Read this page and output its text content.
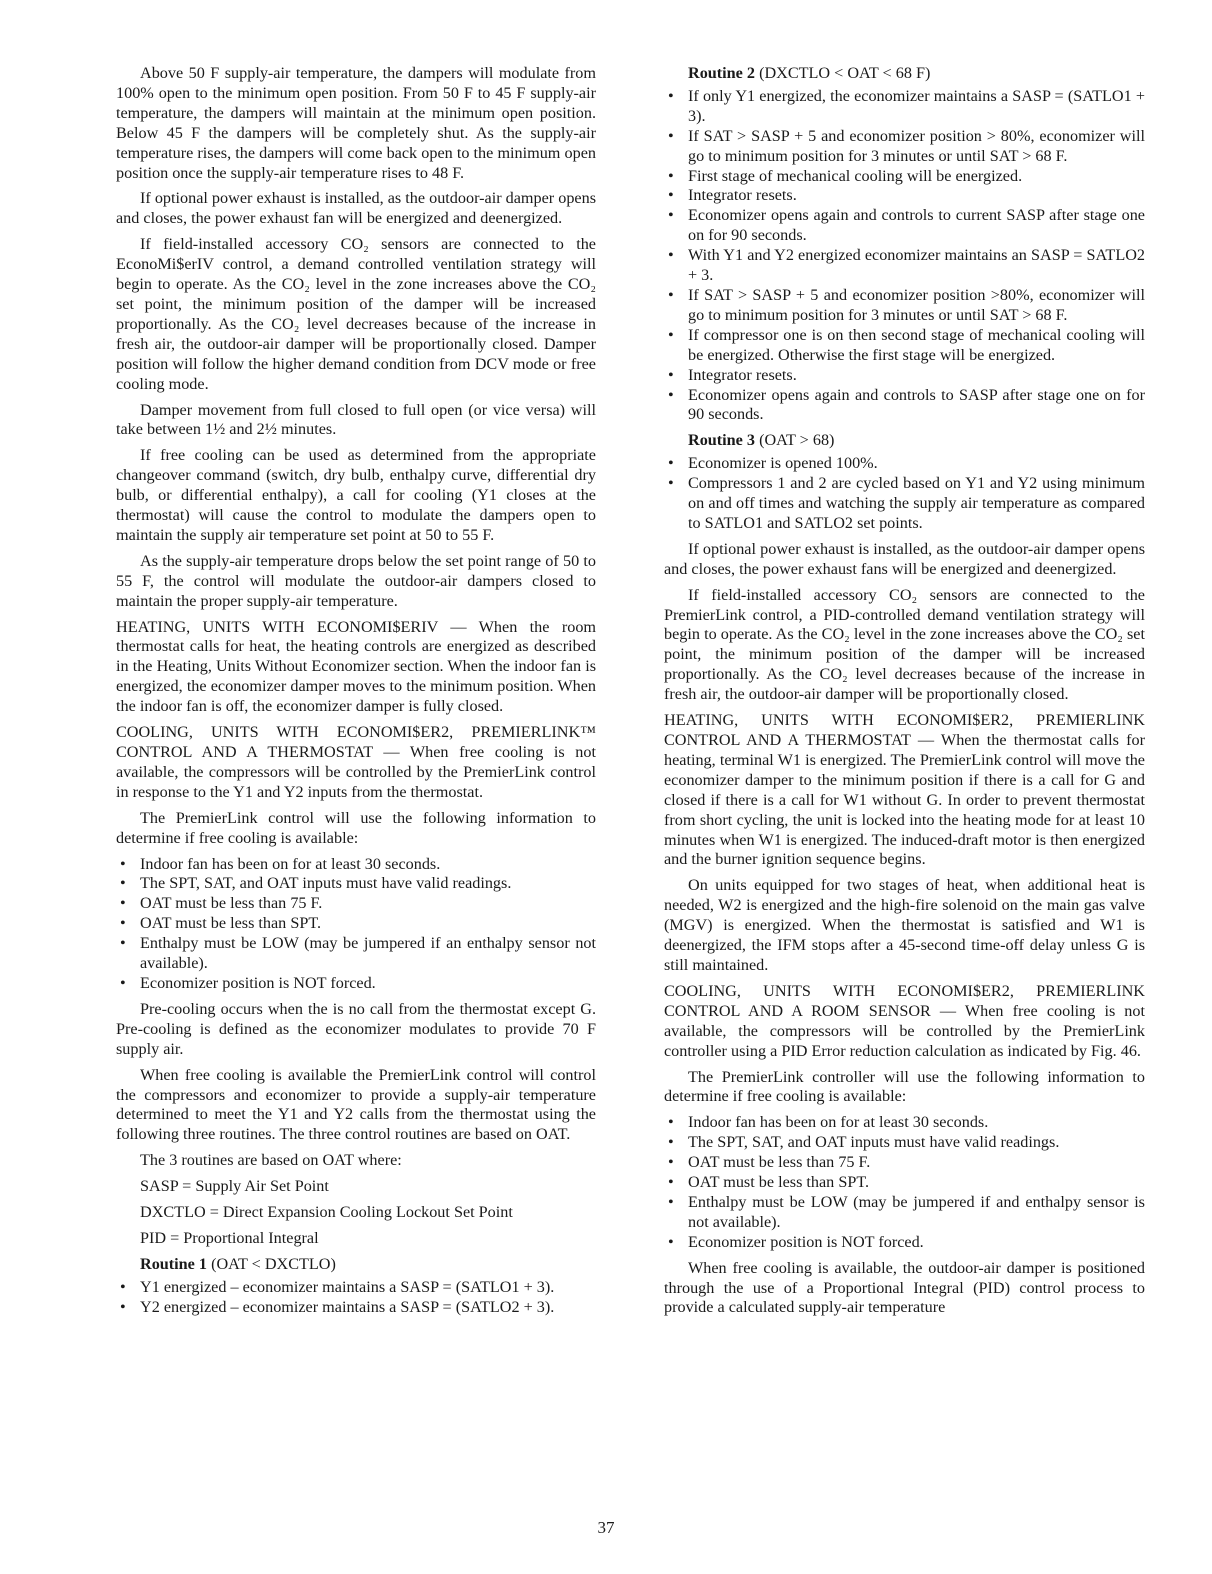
Above 50 F supply-air temperature, the dampers will modulate from 100% open to the minimum open position. From 50 F to 45 F supply-air temperature, the dampers will maintain at the minimum open position. Below 45 F the dampers will be completely shut. As the supply-air temperature rises, the dampers will come back open to the minimum open position once the supply-air temperature rises to 48 F.

If optional power exhaust is installed, as the outdoor-air damper opens and closes, the power exhaust fan will be energized and deenergized.

If field-installed accessory CO₂ sensors are connected to the EconoMi$erIV control, a demand controlled ventilation strategy will begin to operate. As the CO₂ level in the zone increases above the CO₂ set point, the minimum position of the damper will be increased proportionally. As the CO₂ level decreases because of the increase in fresh air, the outdoor-air damper will be proportionally closed. Damper position will follow the higher demand condition from DCV mode or free cooling mode.

Damper movement from full closed to full open (or vice versa) will take between 1½ and 2½ minutes.

If free cooling can be used as determined from the appropriate changeover command (switch, dry bulb, enthalpy curve, differential dry bulb, or differential enthalpy), a call for cooling (Y1 closes at the thermostat) will cause the control to modulate the dampers open to maintain the supply air temperature set point at 50 to 55 F.

As the supply-air temperature drops below the set point range of 50 to 55 F, the control will modulate the outdoor-air dampers closed to maintain the proper supply-air temperature.

HEATING, UNITS WITH ECONOMI$ERIV — When the room thermostat calls for heat, the heating controls are energized as described in the Heating, Units Without Economizer section. When the indoor fan is energized, the economizer damper moves to the minimum position. When the indoor fan is off, the economizer damper is fully closed.

COOLING, UNITS WITH ECONOMI$ER2, PREMIERLINK™ CONTROL AND A THERMOSTAT — When free cooling is not available, the compressors will be controlled by the PremierLink control in response to the Y1 and Y2 inputs from the thermostat.

The PremierLink control will use the following information to determine if free cooling is available:

• Indoor fan has been on for at least 30 seconds.
• The SPT, SAT, and OAT inputs must have valid readings.
• OAT must be less than 75 F.
• OAT must be less than SPT.
• Enthalpy must be LOW (may be jumpered if an enthalpy sensor not available).
• Economizer position is NOT forced.

Pre-cooling occurs when the is no call from the thermostat except G. Pre-cooling is defined as the economizer modulates to provide 70 F supply air.

When free cooling is available the PremierLink control will control the compressors and economizer to provide a supply-air temperature determined to meet the Y1 and Y2 calls from the thermostat using the following three routines. The three control routines are based on OAT.

The 3 routines are based on OAT where:

SASP = Supply Air Set Point

DXCTLO = Direct Expansion Cooling Lockout Set Point

PID = Proportional Integral

Routine 1 (OAT < DXCTLO)

• Y1 energized – economizer maintains a SASP = (SATLO1 + 3).
• Y2 energized – economizer maintains a SASP = (SATLO2 + 3).

Routine 2 (DXCTLO < OAT < 68 F)

• If only Y1 energized, the economizer maintains a SASP = (SATLO1 + 3).
• If SAT > SASP + 5 and economizer position > 80%, economizer will go to minimum position for 3 minutes or until SAT > 68 F.
• First stage of mechanical cooling will be energized.
• Integrator resets.
• Economizer opens again and controls to current SASP after stage one on for 90 seconds.
• With Y1 and Y2 energized economizer maintains an SASP = SATLO2 + 3.
• If SAT > SASP + 5 and economizer position >80%, economizer will go to minimum position for 3 minutes or until SAT > 68 F.
• If compressor one is on then second stage of mechanical cooling will be energized. Otherwise the first stage will be energized.
• Integrator resets.
• Economizer opens again and controls to SASP after stage one on for 90 seconds.

Routine 3 (OAT > 68)

• Economizer is opened 100%.
• Compressors 1 and 2 are cycled based on Y1 and Y2 using minimum on and off times and watching the supply air temperature as compared to SATLO1 and SATLO2 set points.

If optional power exhaust is installed, as the outdoor-air damper opens and closes, the power exhaust fans will be energized and deenergized.

If field-installed accessory CO₂ sensors are connected to the PremierLink control, a PID-controlled demand ventilation strategy will begin to operate. As the CO₂ level in the zone increases above the CO₂ set point, the minimum position of the damper will be increased proportionally. As the CO₂ level decreases because of the increase in fresh air, the outdoor-air damper will be proportionally closed.

HEATING, UNITS WITH ECONOMI$ER2, PREMIERLINK CONTROL AND A THERMOSTAT — When the thermostat calls for heating, terminal W1 is energized. The PremierLink control will move the economizer damper to the minimum position if there is a call for G and closed if there is a call for W1 without G. In order to prevent thermostat from short cycling, the unit is locked into the heating mode for at least 10 minutes when W1 is energized. The induced-draft motor is then energized and the burner ignition sequence begins.

On units equipped for two stages of heat, when additional heat is needed, W2 is energized and the high-fire solenoid on the main gas valve (MGV) is energized. When the thermostat is satisfied and W1 is deenergized, the IFM stops after a 45-second time-off delay unless G is still maintained.

COOLING, UNITS WITH ECONOMI$ER2, PREMIERLINK CONTROL AND A ROOM SENSOR — When free cooling is not available, the compressors will be controlled by the PremierLink controller using a PID Error reduction calculation as indicated by Fig. 46.

The PremierLink controller will use the following information to determine if free cooling is available:

• Indoor fan has been on for at least 30 seconds.
• The SPT, SAT, and OAT inputs must have valid readings.
• OAT must be less than 75 F.
• OAT must be less than SPT.
• Enthalpy must be LOW (may be jumpered if and enthalpy sensor is not available).
• Economizer position is NOT forced.

When free cooling is available, the outdoor-air damper is positioned through the use of a Proportional Integral (PID) control process to provide a calculated supply-air temperature

37
